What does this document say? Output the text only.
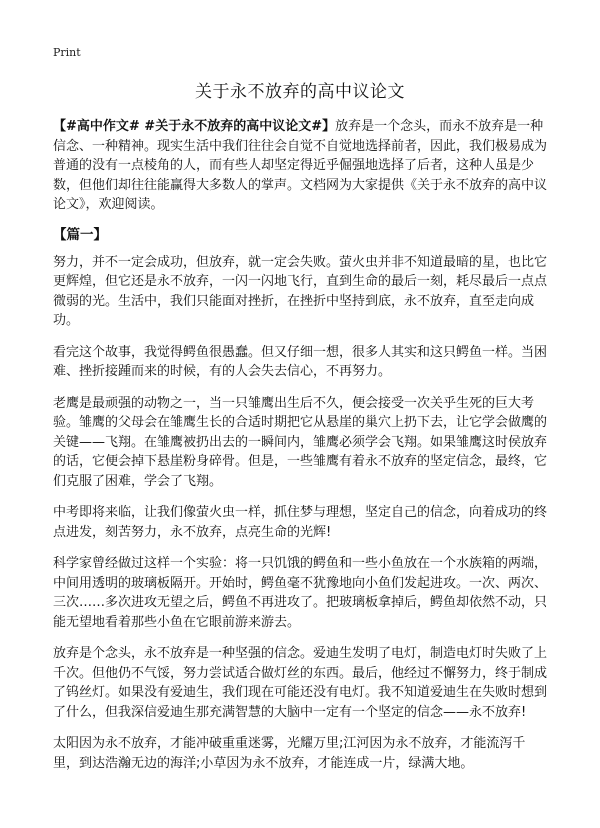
Print
关于永不放弃的高中议论文

【#高中作文# #关于永不放弃的高中议论文#】放弃是一个念头，而永不放弃是一种信念、一种精神。现实生活中我们往往会自觉不自觉地选择前者，因此，我们极易成为普通的没有一点棱角的人，而有些人却坚定得近乎倔强地选择了后者，这种人虽是少数，但他们却往往能赢得大多数人的掌声。文档网为大家提供《关于永不放弃的高中议论文》，欢迎阅读。

【篇一】

努力，并不一定会成功，但放弃，就一定会失败。萤火虫并非不知道最暗的星，也比它更辉煌，但它还是永不放弃，一闪一闪地飞行，直到生命的最后一刻，耗尽最后一点点微弱的光。生活中，我们只能面对挫折，在挫折中坚持到底，永不放弃，直至走向成功。

看完这个故事，我觉得鳄鱼很愚蠢。但又仔细一想，很多人其实和这只鳄鱼一样。当困难、挫折接踵而来的时候，有的人会失去信心，不再努力。

老鹰是最顽强的动物之一，当一只雏鹰出生后不久，便会接受一次关乎生死的巨大考验。雏鹰的父母会在雏鹰生长的合适时期把它从悬崖的巢穴上扔下去，让它学会做鹰的关键——飞翔。在雏鹰被扔出去的一瞬间内，雏鹰必须学会飞翔。如果雏鹰这时侯放弃的话，它便会掉下悬崖粉身碎骨。但是，一些雏鹰有着永不放弃的坚定信念，最终，它们克服了困难，学会了飞翔。

中考即将来临，让我们像萤火虫一样，抓住梦与理想，坚定自己的信念，向着成功的终点进发，刻苦努力，永不放弃，点亮生命的光辉!

科学家曾经做过这样一个实验：将一只饥饿的鳄鱼和一些小鱼放在一个水族箱的两端，中间用透明的玻璃板隔开。开始时，鳄鱼毫不犹豫地向小鱼们发起进攻。一次、两次、三次……多次进攻无望之后，鳄鱼不再进攻了。把玻璃板拿掉后，鳄鱼却依然不动，只能无望地看着那些小鱼在它眼前游来游去。

放弃是个念头，永不放弃是一种坚强的信念。爱迪生发明了电灯，制造电灯时失败了上千次。但他仍不气馁，努力尝试适合做灯丝的东西。最后，他经过不懈努力，终于制成了钨丝灯。如果没有爱迪生，我们现在可能还没有电灯。我不知道爱迪生在失败时想到了什么，但我深信爱迪生那充满智慧的大脑中一定有一个坚定的信念——永不放弃!

太阳因为永不放弃，才能冲破重重迷雾，光耀万里;江河因为永不放弃，才能流泻千里，到达浩瀚无边的海洋;小草因为永不放弃，才能连成一片，绿满大地。
